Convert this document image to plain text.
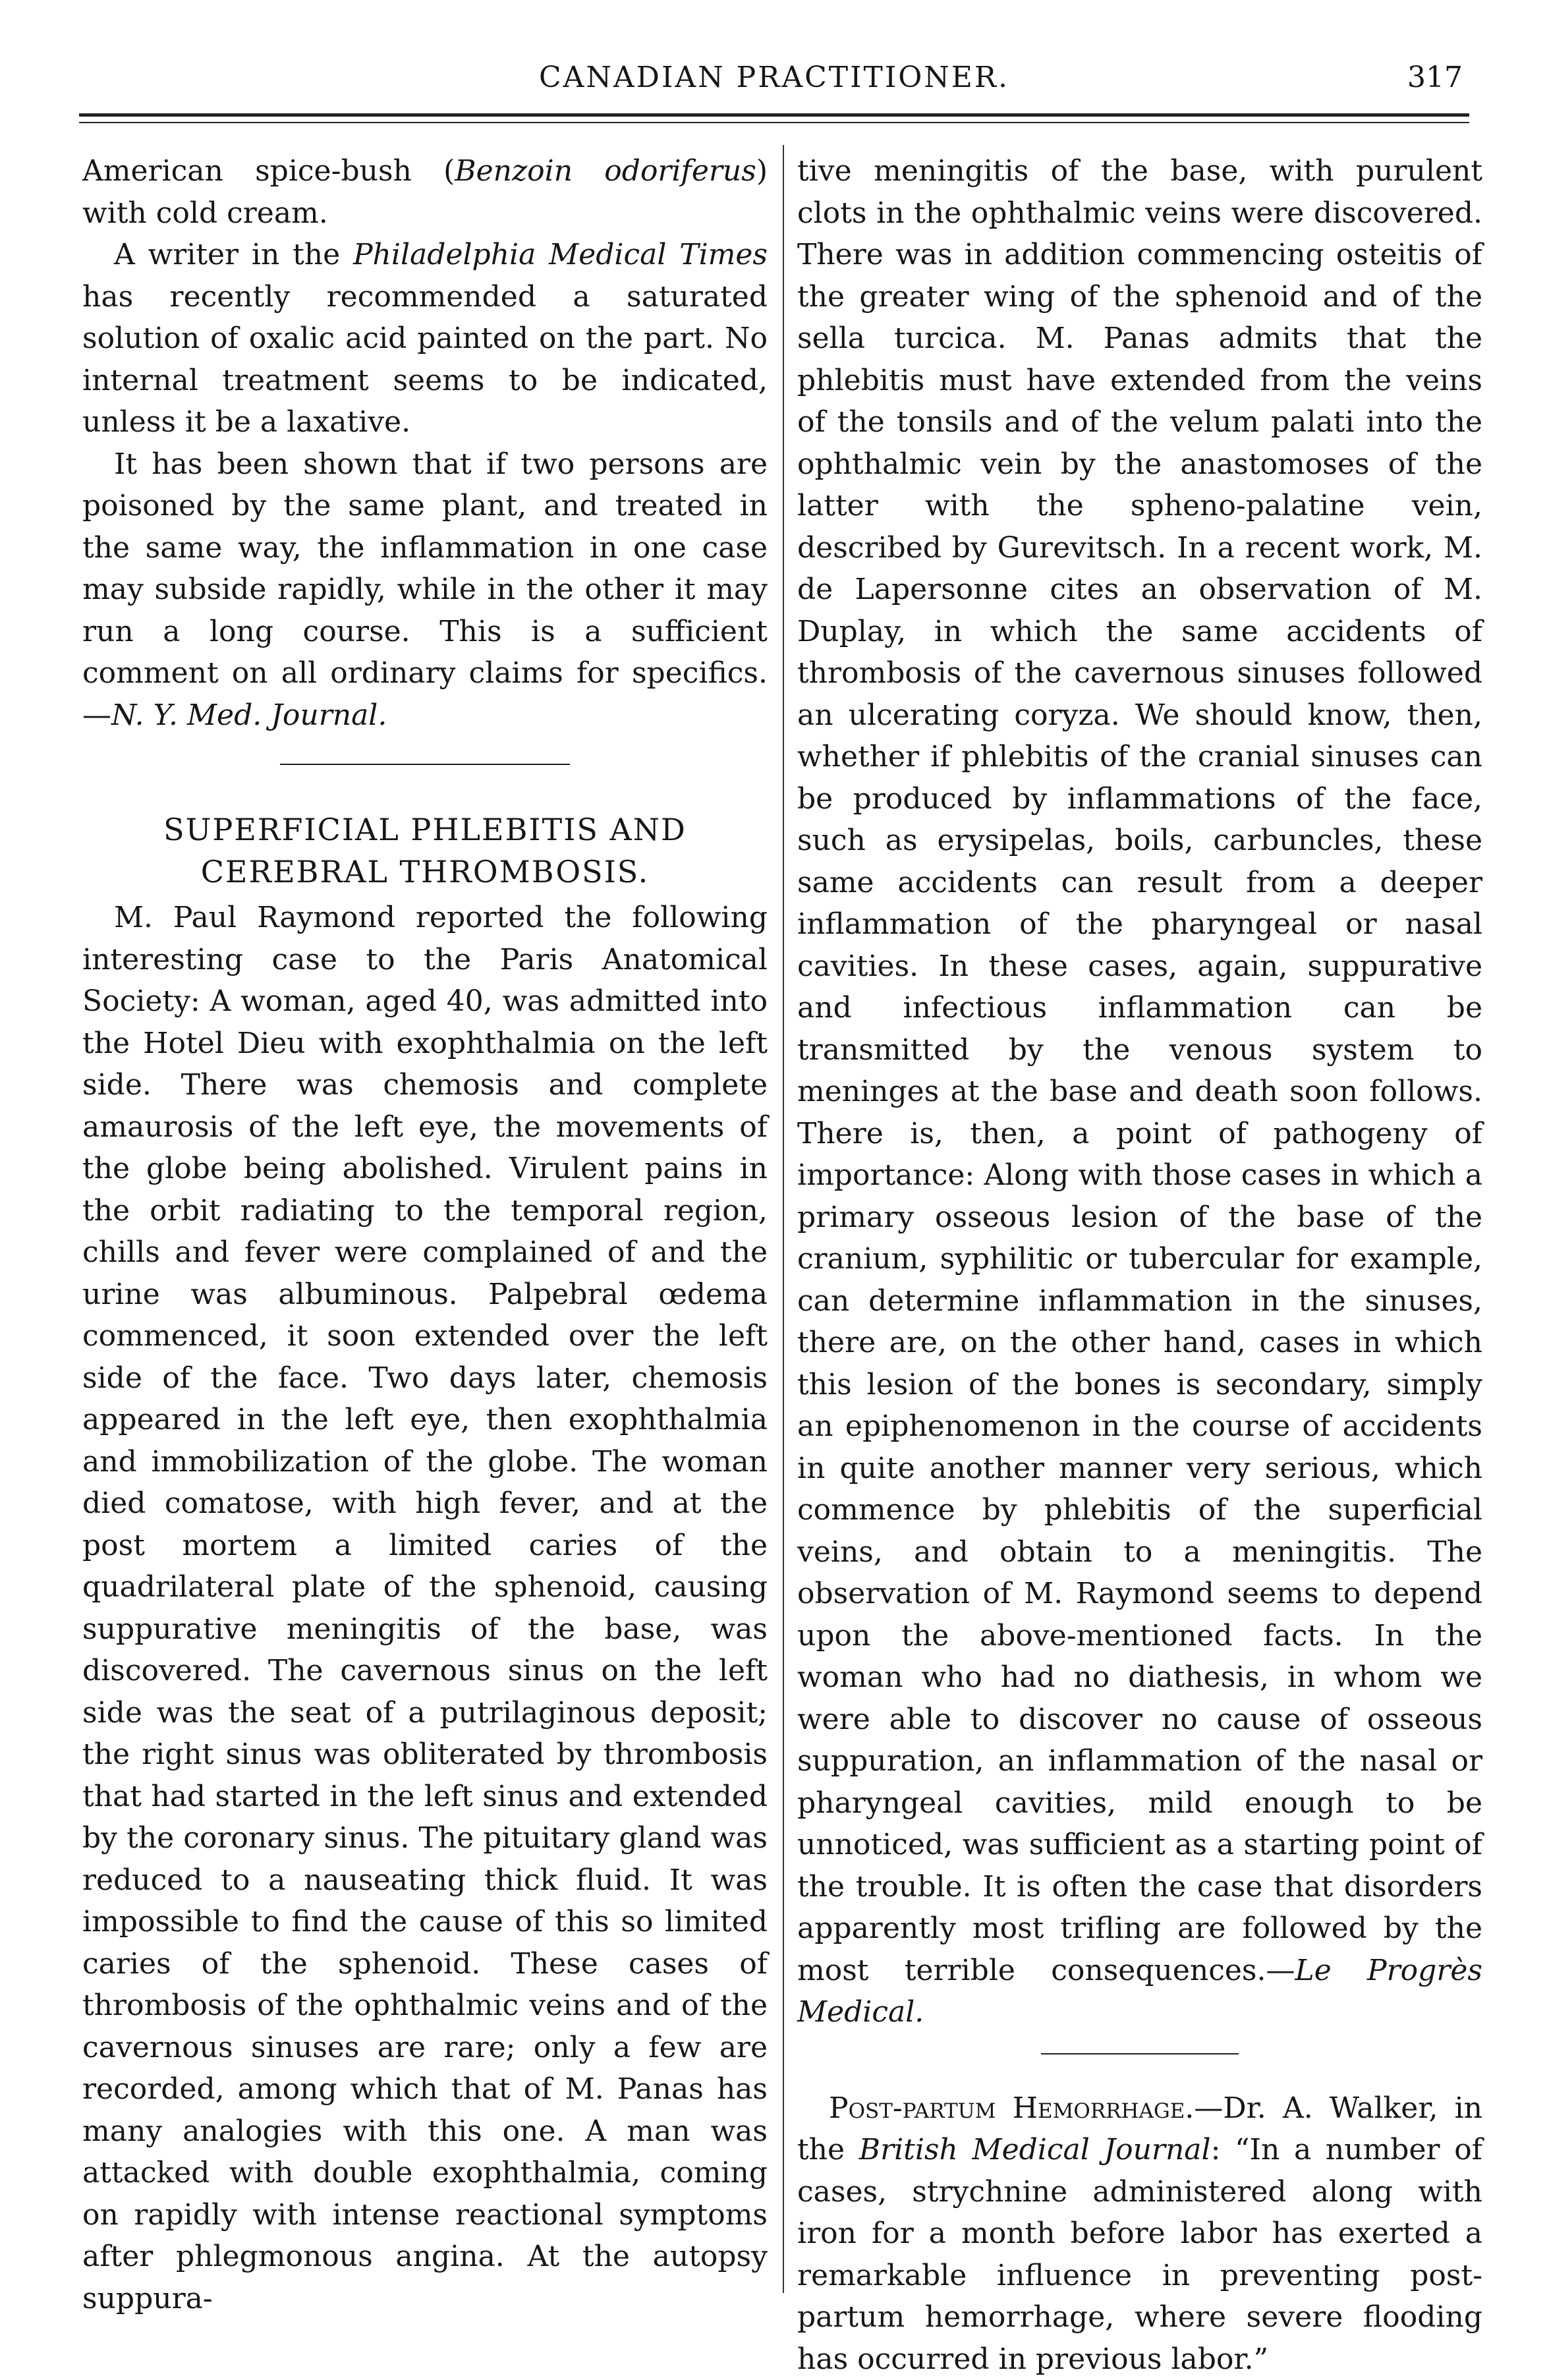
CANADIAN PRACTITIONER.	317

American spice-bush (Benzoin odoriferus) with cold cream.

A writer in the Philadelphia Medical Times has recently recommended a saturated solution of oxalic acid painted on the part. No internal treatment seems to be indicated, unless it be a laxative.

It has been shown that if two persons are poisoned by the same plant, and treated in the same way, the inflammation in one case may subside rapidly, while in the other it may run a long course. This is a sufficient comment on all ordinary claims for specifics.—N. Y. Med. Journal.

SUPERFICIAL PHLEBITIS AND CEREBRAL THROMBOSIS.

M. Paul Raymond reported the following interesting case to the Paris Anatomical Society: A woman, aged 40, was admitted into the Hotel Dieu with exophthalmia on the left side. There was chemosis and complete amaurosis of the left eye, the movements of the globe being abolished. Virulent pains in the orbit radiating to the temporal region, chills and fever were complained of and the urine was albuminous. Palpebral œdema commenced, it soon extended over the left side of the face. Two days later, chemosis appeared in the left eye, then exophthalmia and immobilization of the globe. The woman died comatose, with high fever, and at the post mortem a limited caries of the quadrilateral plate of the sphenoid, causing suppurative meningitis of the base, was discovered. The cavernous sinus on the left side was the seat of a putrilaginous deposit; the right sinus was obliterated by thrombosis that had started in the left sinus and extended by the coronary sinus. The pituitary gland was reduced to a nauseating thick fluid. It was impossible to find the cause of this so limited caries of the sphenoid. These cases of thrombosis of the ophthalmic veins and of the cavernous sinuses are rare; only a few are recorded, among which that of M. Panas has many analogies with this one. A man was attacked with double exophthalmia, coming on rapidly with intense reactional symptoms after phlegmonous angina. At the autopsy suppura-

tive meningitis of the base, with purulent clots in the ophthalmic veins were discovered. There was in addition commencing osteitis of the greater wing of the sphenoid and of the sella turcica. M. Panas admits that the phlebitis must have extended from the veins of the tonsils and of the velum palati into the ophthalmic vein by the anastomoses of the latter with the spheno-palatine vein, described by Gurevitsch. In a recent work, M. de Lapersonne cites an observation of M. Duplay, in which the same accidents of thrombosis of the cavernous sinuses followed an ulcerating coryza. We should know, then, whether if phlebitis of the cranial sinuses can be produced by inflammations of the face, such as erysipelas, boils, carbuncles, these same accidents can result from a deeper inflammation of the pharyngeal or nasal cavities. In these cases, again, suppurative and infectious inflammation can be transmitted by the venous system to meninges at the base and death soon follows. There is, then, a point of pathogeny of importance: Along with those cases in which a primary osseous lesion of the base of the cranium, syphilitic or tubercular for example, can determine inflammation in the sinuses, there are, on the other hand, cases in which this lesion of the bones is secondary, simply an epiphenomenon in the course of accidents in quite another manner very serious, which commence by phlebitis of the superficial veins, and obtain to a meningitis. The observation of M. Raymond seems to depend upon the above-mentioned facts. In the woman who had no diathesis, in whom we were able to discover no cause of osseous suppuration, an inflammation of the nasal or pharyngeal cavities, mild enough to be unnoticed, was sufficient as a starting point of the trouble. It is often the case that disorders apparently most trifling are followed by the most terrible consequences.—Le Progrès Medical.

Post-partum Hemorrhage.—Dr. A. Walker, in the British Medical Journal: “In a number of cases, strychnine administered along with iron for a month before labor has exerted a remarkable influence in preventing post-partum hemorrhage, where severe flooding has occurred in previous labor.”
